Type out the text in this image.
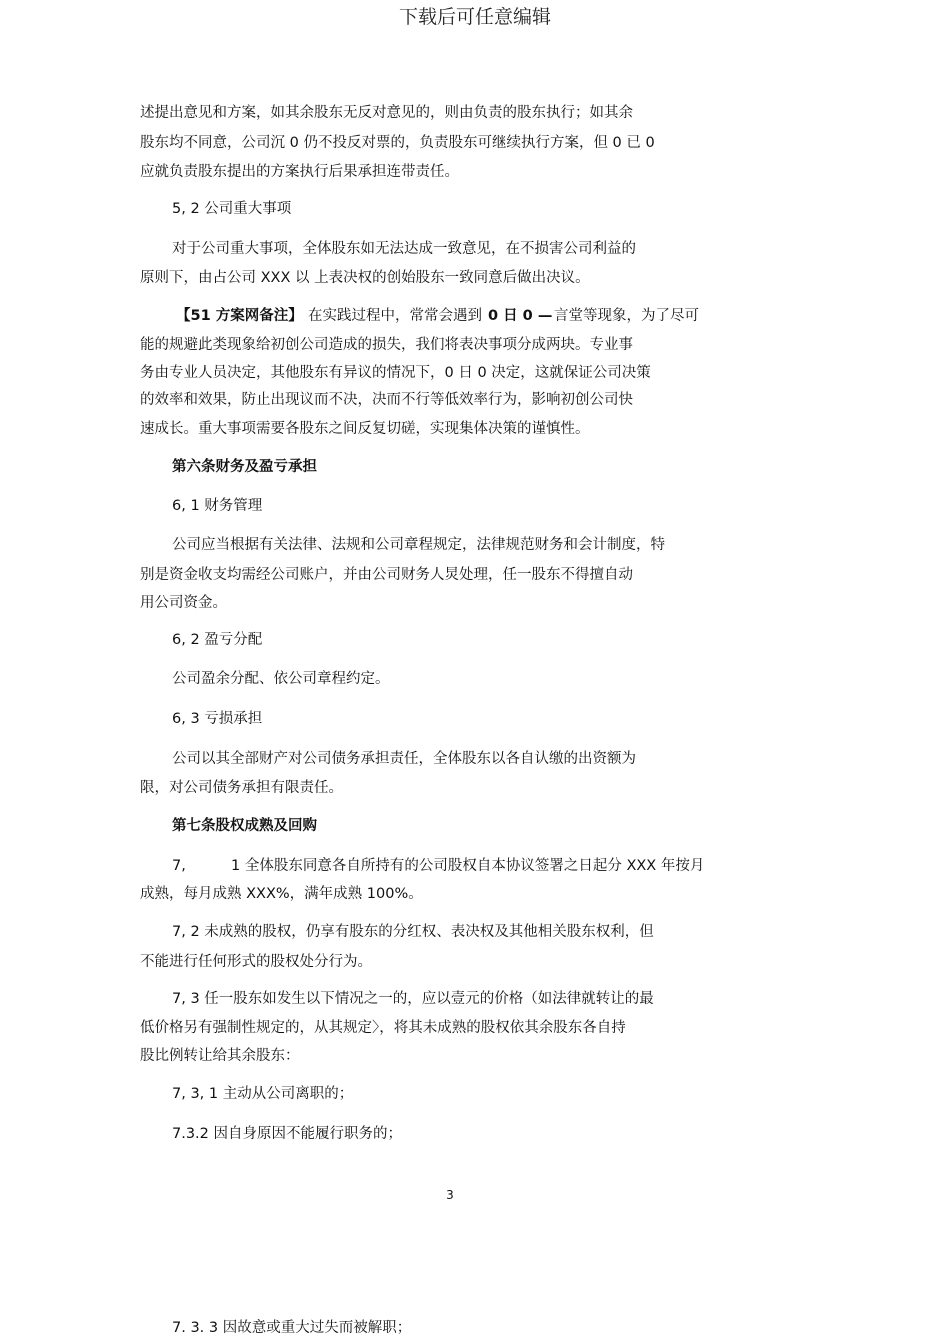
下载后可任意编辑
述提出意见和方案，如其余股东无反对意见的，则由负责的股东执行；如其余
股东均不同意，公司沉 0 仍不投反对票的，负责股东可继续执行方案，但 0 已 0
应就负责股东提出的方案执行后果承担连带责任。
5, 2 公司重大事项
对于公司重大事项，全体股东如无法达成一致意见，在不损害公司利益的
原则下，由占公司 XXX 以 上表决权的创始股东一致同意后做出决议。
【51 方案网备注】 在实践过程中，常常会遇到 0 日 0 — 言堂等现象，为了尽可
能的规避此类现象给初创公司造成的损失，我们将表决事项分成两块。专业事
务由专业人员决定，其他股东有异议的情况下，0 日 0 决定，这就保证公司决策
的效率和效果，防止出现议而不决，决而不行等低效率行为，影响初创公司快
速成长。重大事项需要各股东之间反复切磋，实现集体决策的谨慎性。
第六条财务及盈亏承担
6, 1 财务管理
公司应当根据有关法律、法规和公司章程规定，法律规范财务和会计制度，特
别是资金收支均需经公司账户，并由公司财务人炅处理，任一股东不得擅自动
用公司资金。
6, 2 盈亏分配
公司盈余分配、依公司章程约定。
6, 3 亏损承担
公司以其全部财产对公司债务承担责任，全体股东以各自认缴的出资额为
限，对公司债务承担有限责任。
第七条股权成熟及回购
7,	1 全体股东同意各自所持有的公司股权自本协议签署之日起分 XXX 年按月
成熟，每月成熟 XXX%，满年成熟 100%。
7, 2 未成熟的股权，仍享有股东的分红权、表决权及其他相关股东权利，但
不能进行任何形式的股权处分行为。
7, 3 任一股东如发生以下情况之一的，应以壹元的价格（如法律就转让的最
低价格另有强制性规定的，从其规定〉，将其未成熟的股权依其余股东各自持
股比例转让给其余股东：
7, 3, 1 主动从公司离职的；
7.3.2 因自身原因不能履行职务的；
3
7. 3. 3 因故意或重大过失而被解职；
